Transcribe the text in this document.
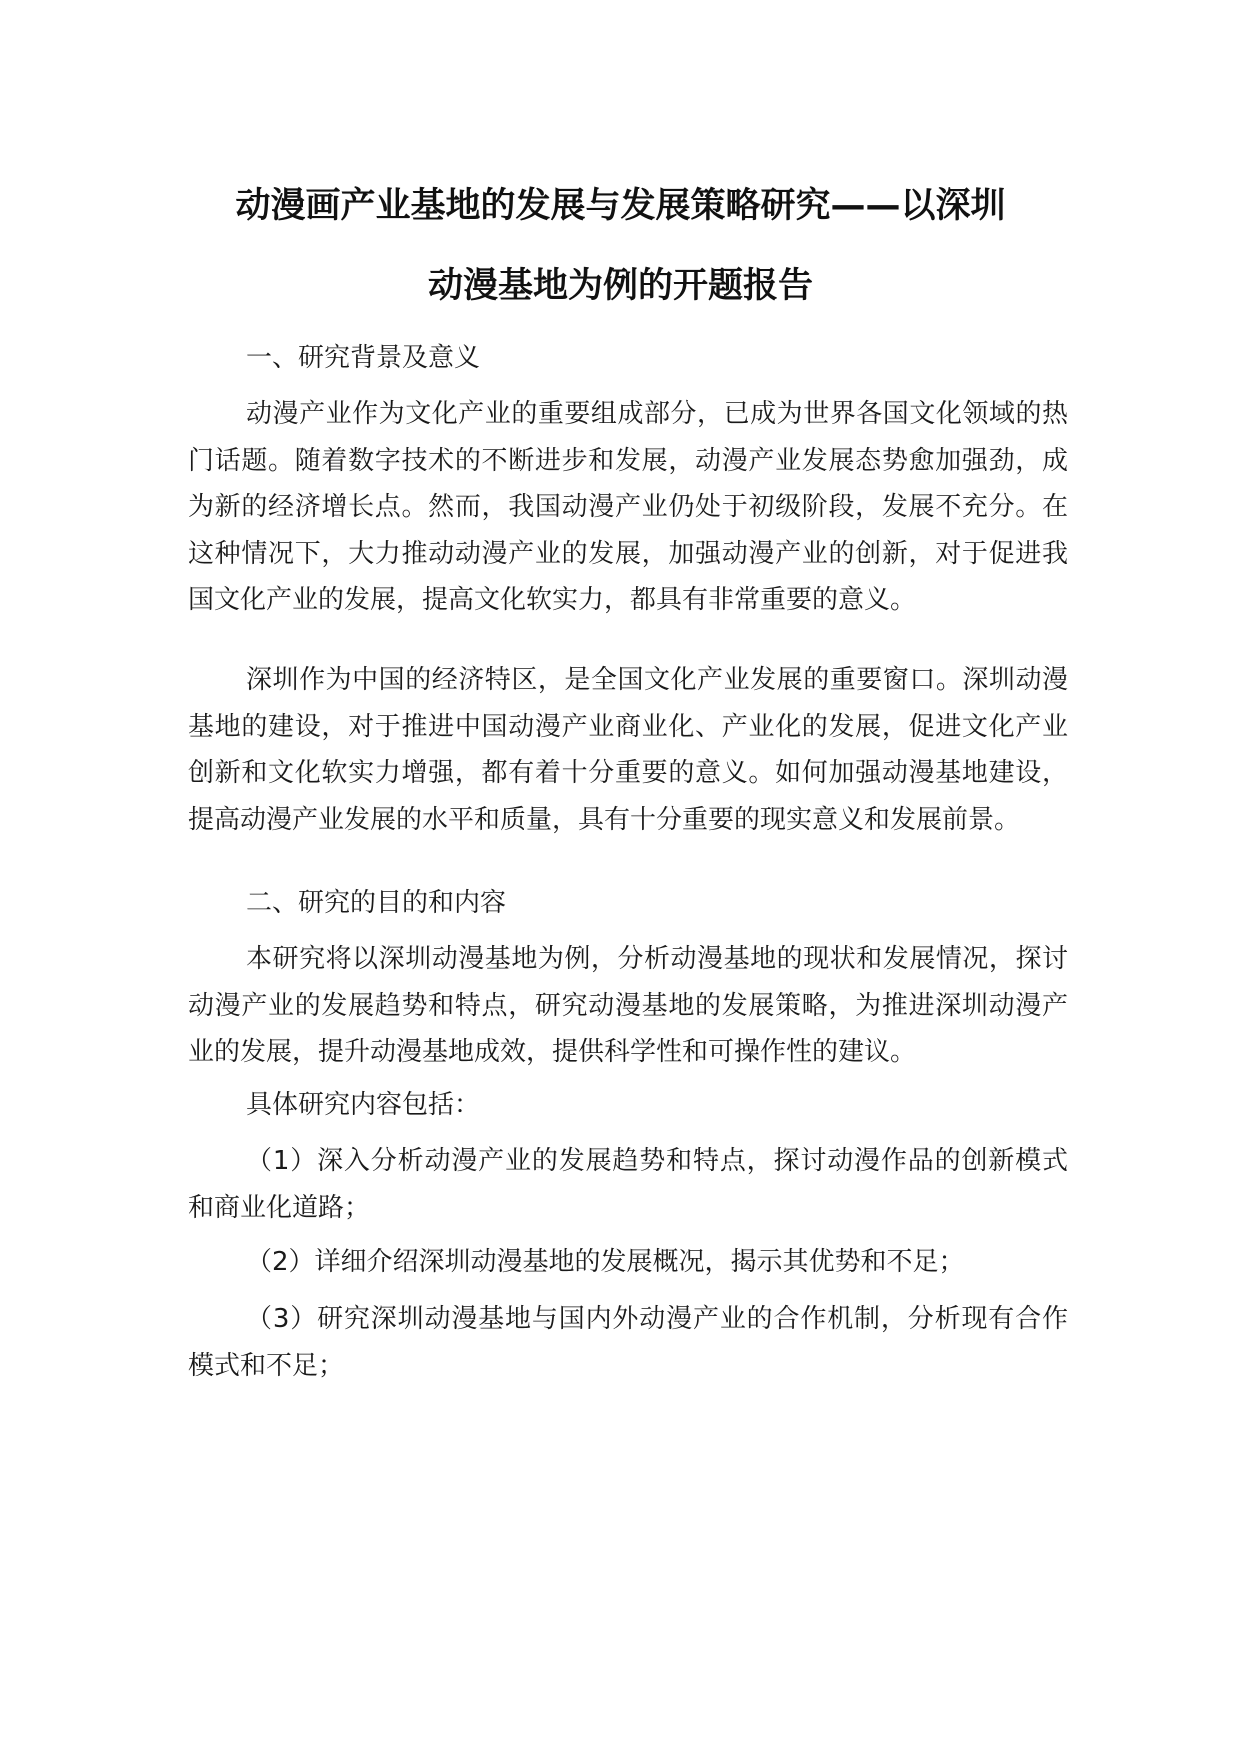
动漫画产业基地的发展与发展策略研究——以深圳
动漫基地为例的开题报告

一、研究背景及意义

动漫产业作为文化产业的重要组成部分，已成为世界各国文化领域的热门话题。随着数字技术的不断进步和发展，动漫产业发展态势愈加强劲，成为新的经济增长点。然而，我国动漫产业仍处于初级阶段，发展不充分。在这种情况下，大力推动动漫产业的发展，加强动漫产业的创新，对于促进我国文化产业的发展，提高文化软实力，都具有非常重要的意义。

深圳作为中国的经济特区，是全国文化产业发展的重要窗口。深圳动漫基地的建设，对于推进中国动漫产业商业化、产业化的发展，促进文化产业创新和文化软实力增强，都有着十分重要的意义。如何加强动漫基地建设，提高动漫产业发展的水平和质量，具有十分重要的现实意义和发展前景。

二、研究的目的和内容

本研究将以深圳动漫基地为例，分析动漫基地的现状和发展情况，探讨动漫产业的发展趋势和特点，研究动漫基地的发展策略，为推进深圳动漫产业的发展，提升动漫基地成效，提供科学性和可操作性的建议。

具体研究内容包括：

（1）深入分析动漫产业的发展趋势和特点，探讨动漫作品的创新模式和商业化道路；

（2）详细介绍深圳动漫基地的发展概况，揭示其优势和不足；

（3）研究深圳动漫基地与国内外动漫产业的合作机制，分析现有合作模式和不足；
